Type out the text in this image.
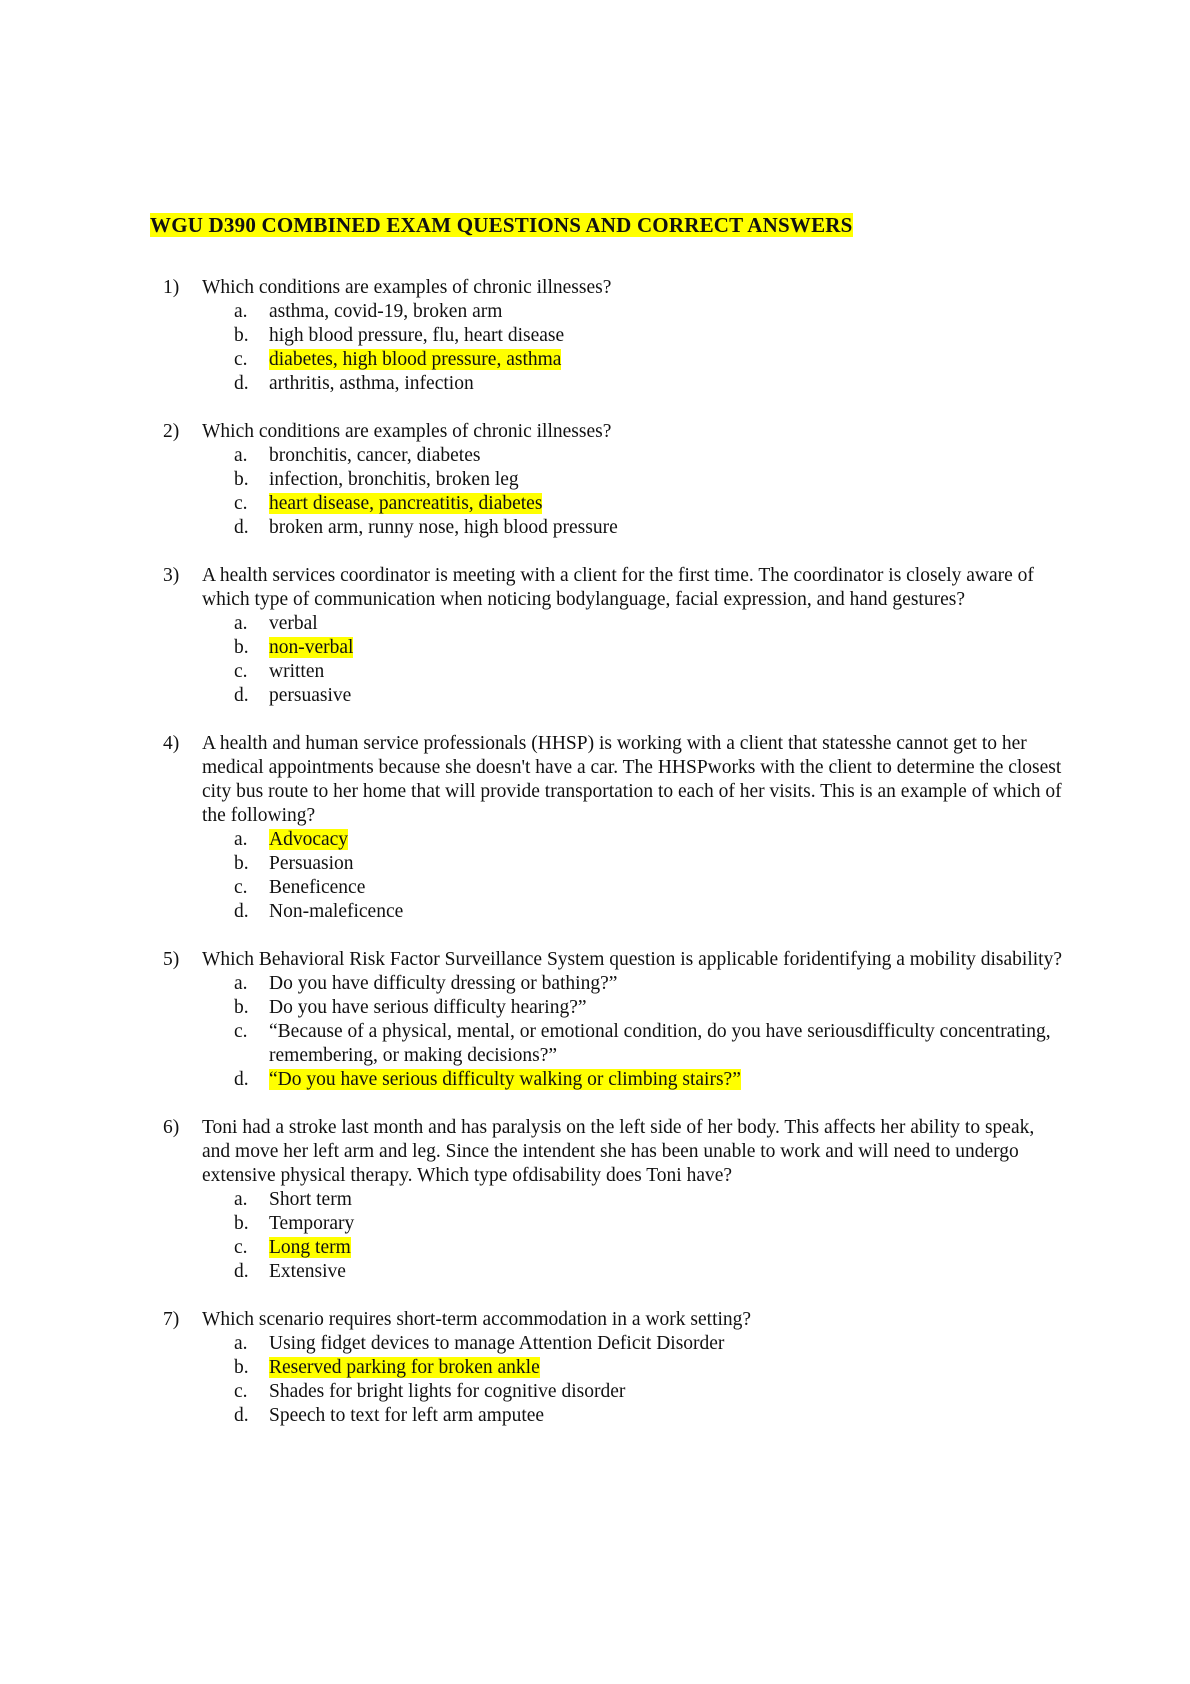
WGU D390 COMBINED EXAM QUESTIONS AND CORRECT ANSWERS
1) Which conditions are examples of chronic illnesses?
a. asthma, covid-19, broken arm
b. high blood pressure, flu, heart disease
c. diabetes, high blood pressure, asthma
d. arthritis, asthma, infection
2) Which conditions are examples of chronic illnesses?
a. bronchitis, cancer, diabetes
b. infection, bronchitis, broken leg
c. heart disease, pancreatitis, diabetes
d. broken arm, runny nose, high blood pressure
3) A health services coordinator is meeting with a client for the first time. The coordinator is closely aware of which type of communication when noticing bodylanguage, facial expression, and hand gestures?
a. verbal
b. non-verbal
c. written
d. persuasive
4) A health and human service professionals (HHSP) is working with a client that statesshe cannot get to her medical appointments because she doesn't have a car. The HHSPworks with the client to determine the closest city bus route to her home that will provide transportation to each of her visits. This is an example of which of the following?
a. Advocacy
b. Persuasion
c. Beneficence
d. Non-maleficence
5) Which Behavioral Risk Factor Surveillance System question is applicable foridentifying a mobility disability?
a. Do you have difficulty dressing or bathing?”
b. Do you have serious difficulty hearing?”
c. “Because of a physical, mental, or emotional condition, do you have seriousdifficulty concentrating, remembering, or making decisions?”
d. “Do you have serious difficulty walking or climbing stairs?”
6) Toni had a stroke last month and has paralysis on the left side of her body. This affects her ability to speak, and move her left arm and leg. Since the intendent she has been unable to work and will need to undergo extensive physical therapy. Which type ofdisability does Toni have?
a. Short term
b. Temporary
c. Long term
d. Extensive
7) Which scenario requires short-term accommodation in a work setting?
a. Using fidget devices to manage Attention Deficit Disorder
b. Reserved parking for broken ankle
c. Shades for bright lights for cognitive disorder
d. Speech to text for left arm amputee
